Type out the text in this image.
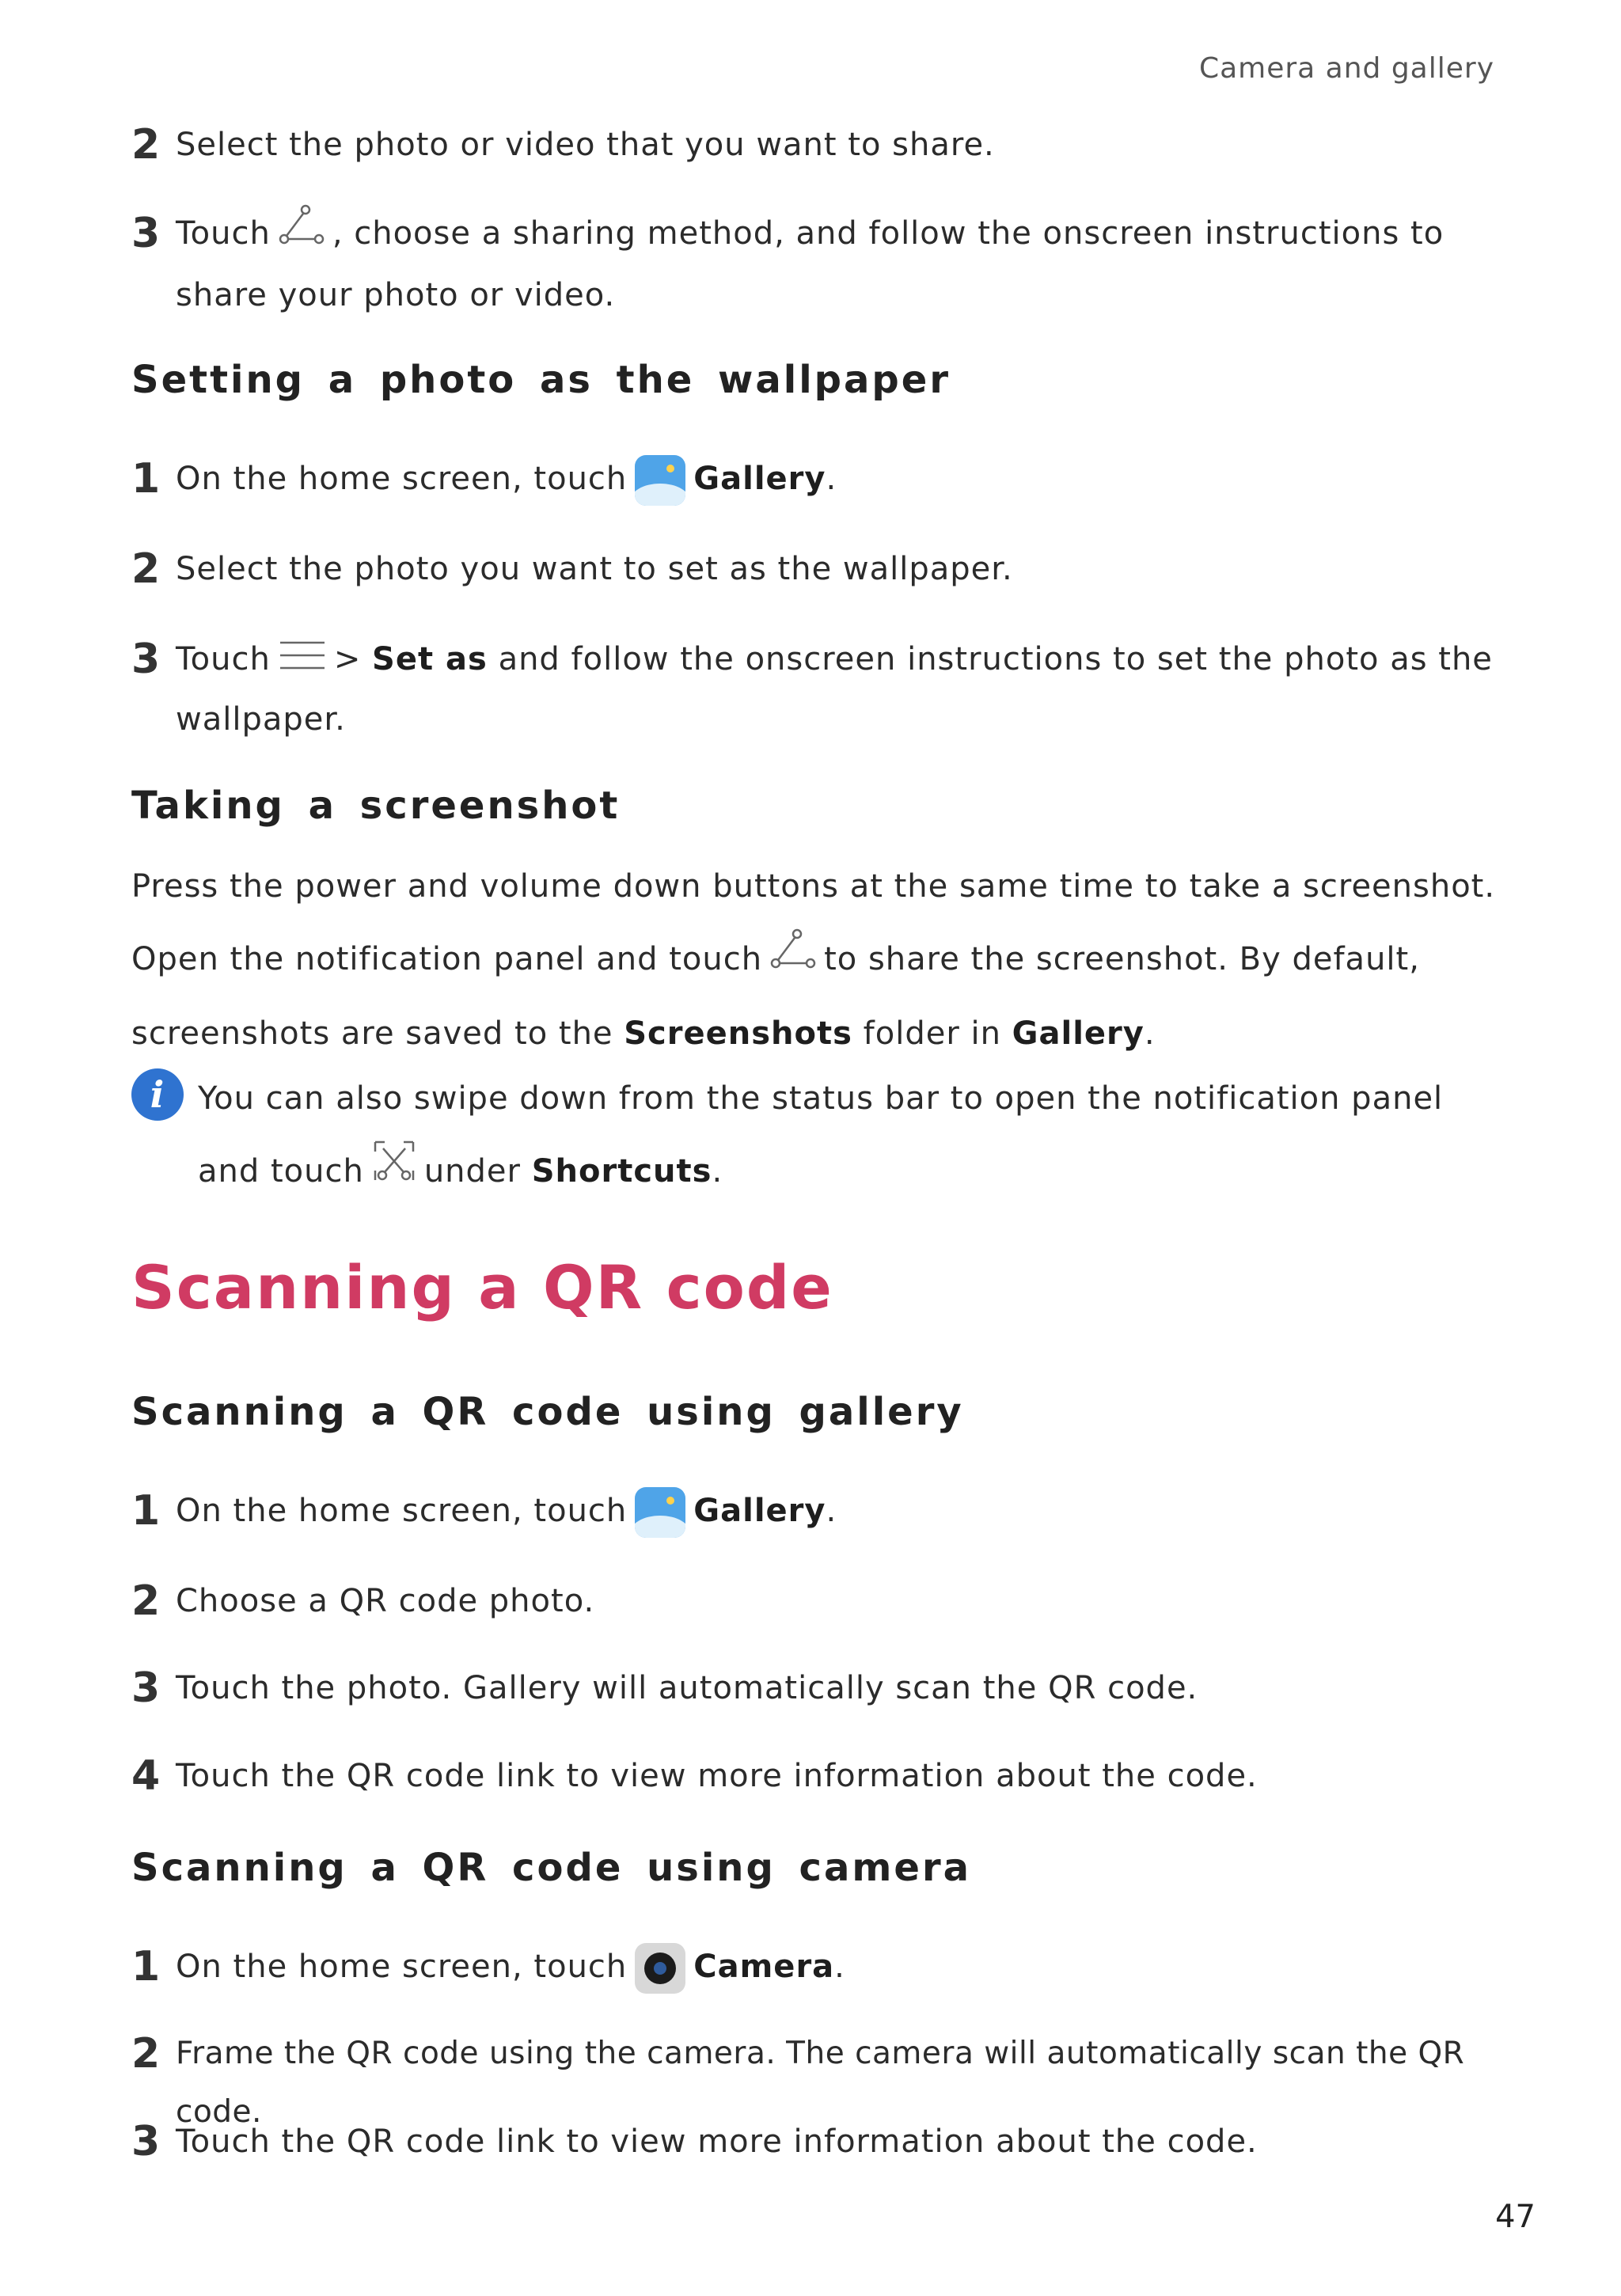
Camera and gallery
2 Select the photo or video that you want to share.
3 Touch , choose a sharing method, and follow the onscreen instructions to share your photo or video.
Setting a photo as the wallpaper
1 On the home screen, touch Gallery.
2 Select the photo you want to set as the wallpaper.
3 Touch > Set as and follow the onscreen instructions to set the photo as the wallpaper.
Taking a screenshot
Press the power and volume down buttons at the same time to take a screenshot. Open the notification panel and touch to share the screenshot. By default, screenshots are saved to the Screenshots folder in Gallery.
i	You can also swipe down from the status bar to open the notification panel and touch under Shortcuts.
Scanning a QR code
Scanning a QR code using gallery
1 On the home screen, touch Gallery.
2 Choose a QR code photo.
3 Touch the photo. Gallery will automatically scan the QR code.
4 Touch the QR code link to view more information about the code.
Scanning a QR code using camera
1 On the home screen, touch Camera.
2 Frame the QR code using the camera. The camera will automatically scan the QR code.
3 Touch the QR code link to view more information about the code.
47
